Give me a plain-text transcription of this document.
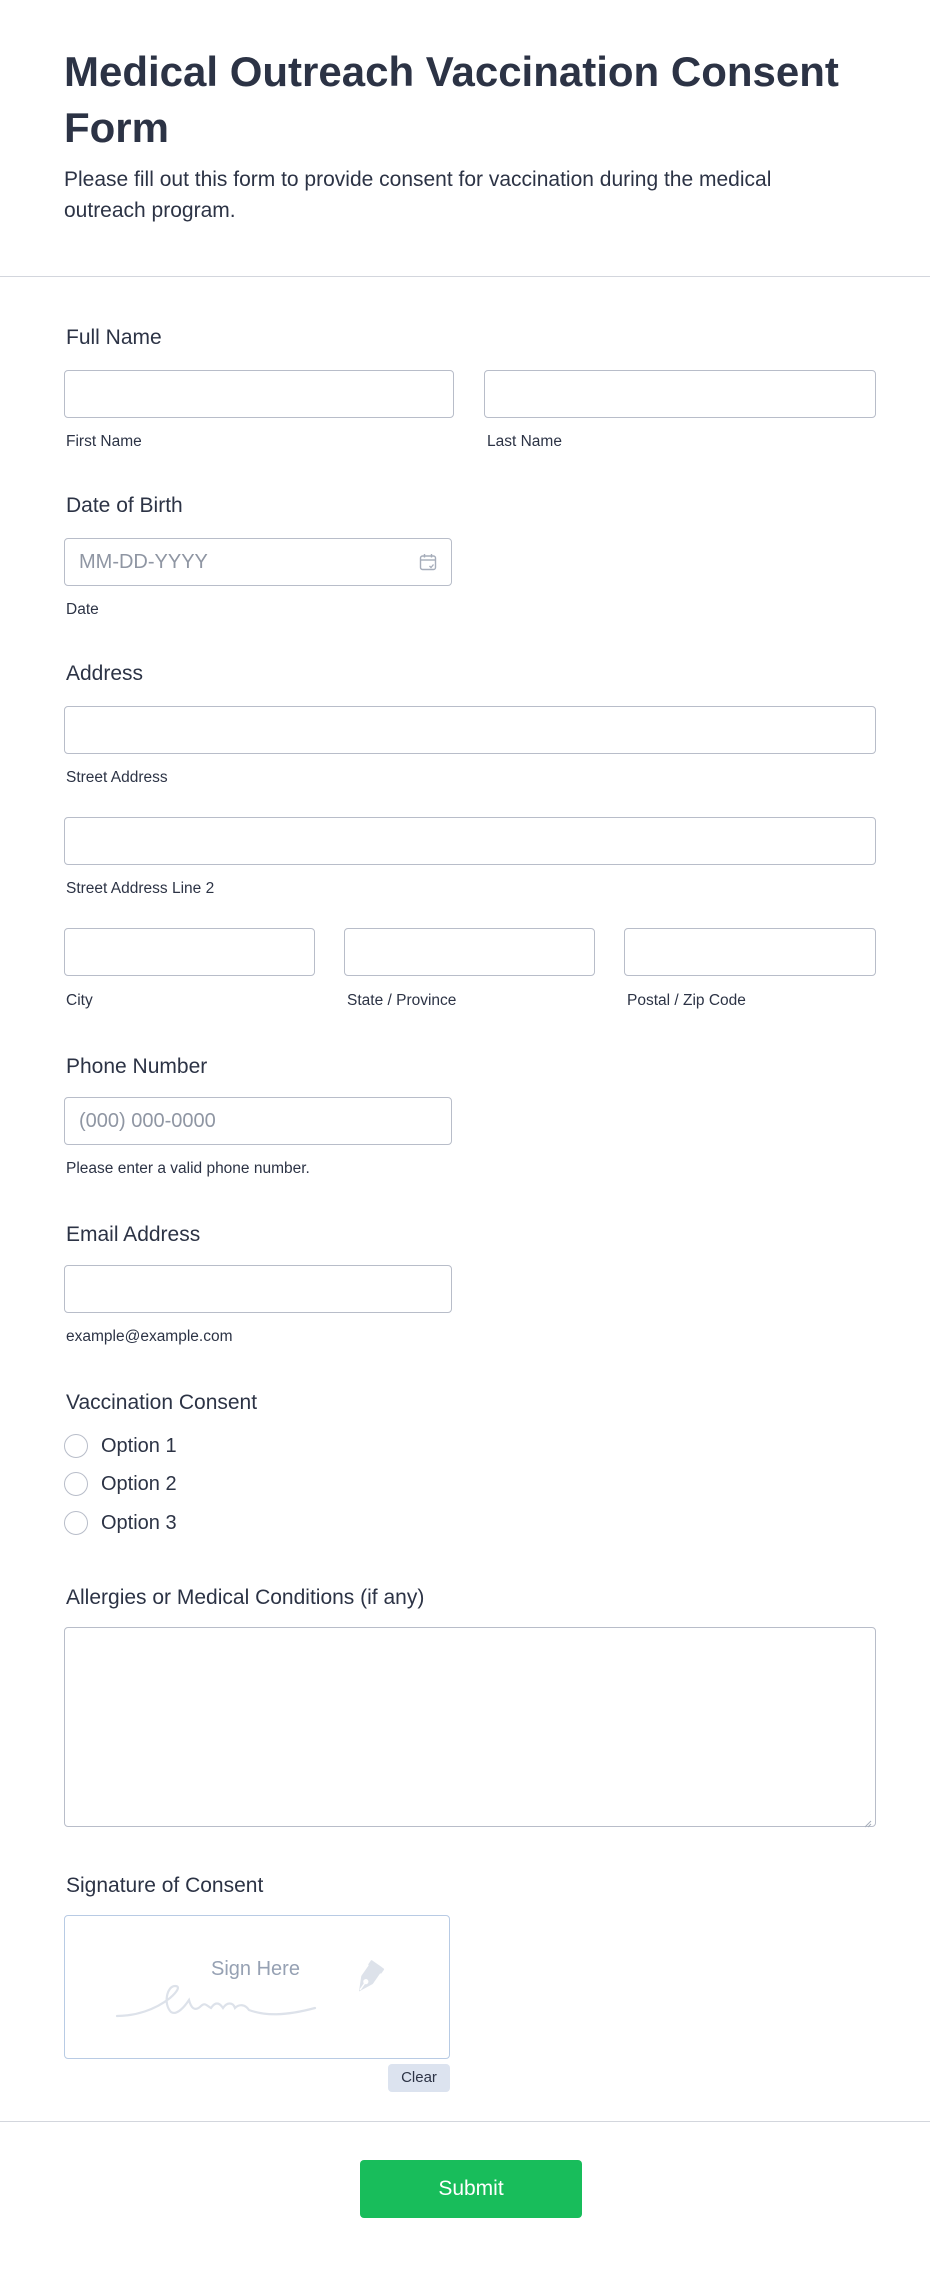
Medical Outreach Vaccination Consent Form

Please fill out this form to provide consent for vaccination during the medical outreach program.

Full Name
First Name	Last Name
Date of Birth
MM-DD-YYYY
Date
Address
Street Address
Street Address Line 2
City	State / Province	Postal / Zip Code
Phone Number
(000) 000-0000
Please enter a valid phone number.
Email Address
example@example.com
Vaccination Consent
Option 1
Option 2
Option 3
Allergies or Medical Conditions (if any)
Signature of Consent
Sign Here
Clear
Submit
